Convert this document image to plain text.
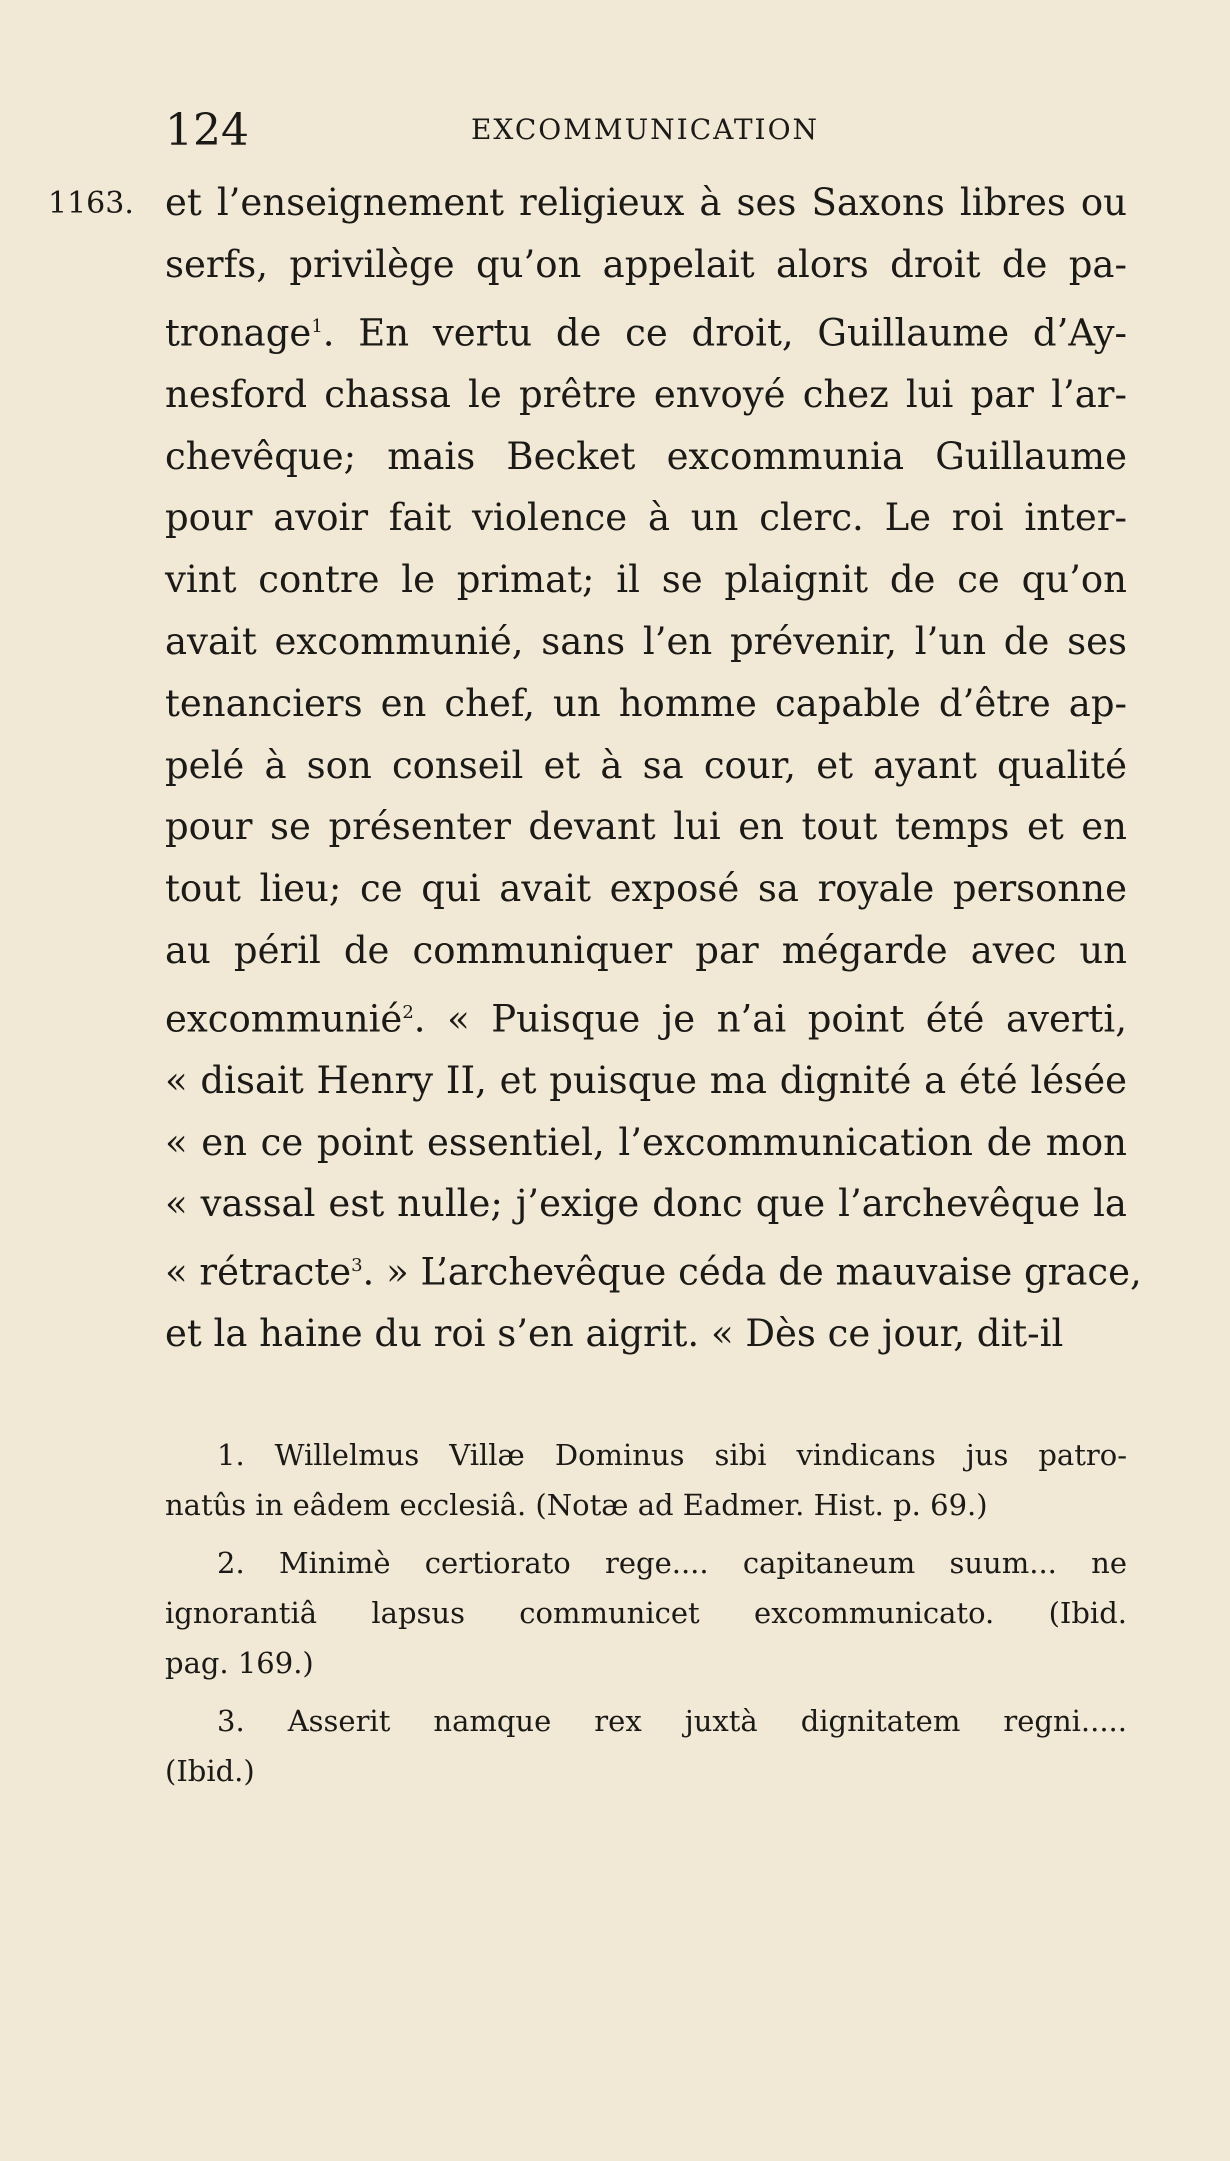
124	EXCOMMUNICATION
1163. et l’enseignement religieux à ses Saxons libres ou
serfs, privilège qu’on appelait alors droit de pa-
tronage$^1$. En vertu de ce droit, Guillaume d’Ay-
nesford chassa le prêtre envoyé chez lui par l’ar-
chevêque; mais Becket excommunia Guillaume
pour avoir fait violence à un clerc. Le roi inter-
vint contre le primat; il se plaignit de ce qu’on
avait excommunié, sans l’en prévenir, l’un de ses
tenanciers en chef, un homme capable d’être ap-
pelé à son conseil et à sa cour, et ayant qualité
pour se présenter devant lui en tout temps et en
tout lieu; ce qui avait exposé sa royale personne
au péril de communiquer par mégarde avec un
excommunié$^2$. « Puisque je n’ai point été averti,
« disait Henry II, et puisque ma dignité a été lésée
« en ce point essentiel, l’excommunication de mon
« vassal est nulle; j’exige donc que l’archevêque la
« rétracte$^3$. » L’archevêque céda de mauvaise grace,
et la haine du roi s’en aigrit. « Dès ce jour, dit-il

1. Willelmus Villæ Dominus sibi vindicans jus patro-
natûs in eâdem ecclesiâ. (Notæ ad Eadmer. Hist. p. 69.)
2. Minimè certiorato rege.... capitaneum suum... ne
ignorantiâ lapsus communicet excommunicato. (Ibid.
pag. 169.)
3. Asserit namque rex juxtà dignitatem regni.....
(Ibid.)
